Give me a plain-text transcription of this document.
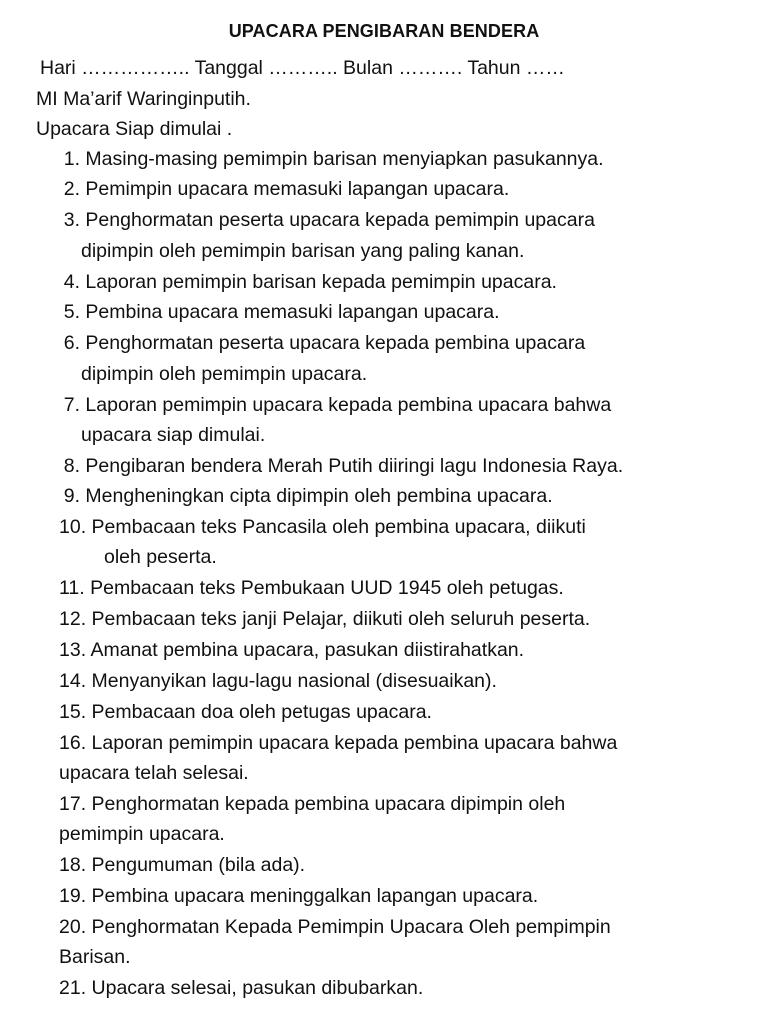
UPACARA PENGIBARAN BENDERA
Hari …………….. Tanggal ……….. Bulan ………. Tahun ……
MI Ma’arif Waringinputih.
Upacara Siap dimulai .
1. Masing-masing pemimpin barisan menyiapkan pasukannya.
2. Pemimpin upacara memasuki lapangan upacara.
3. Penghormatan peserta upacara kepada pemimpin upacara
dipimpin oleh pemimpin barisan yang paling kanan.
4. Laporan pemimpin barisan kepada pemimpin upacara.
5. Pembina upacara memasuki lapangan upacara.
6. Penghormatan peserta upacara kepada pembina upacara
dipimpin oleh pemimpin upacara.
7. Laporan pemimpin upacara kepada pembina upacara bahwa
upacara siap dimulai.
8. Pengibaran bendera Merah Putih diiringi lagu Indonesia Raya.
9. Mengheningkan cipta dipimpin oleh pembina upacara.
10. Pembacaan teks Pancasila oleh pembina upacara, diikuti
oleh peserta.
11. Pembacaan teks Pembukaan UUD 1945 oleh petugas.
12. Pembacaan teks janji Pelajar, diikuti oleh seluruh peserta.
13. Amanat pembina upacara, pasukan diistirahatkan.
14. Menyanyikan lagu-lagu nasional (disesuaikan).
15. Pembacaan doa oleh petugas upacara.
16. Laporan pemimpin upacara kepada pembina upacara bahwa
upacara telah selesai.
17. Penghormatan kepada pembina upacara dipimpin oleh
pemimpin upacara.
18. Pengumuman (bila ada).
19. Pembina upacara meninggalkan lapangan upacara.
20. Penghormatan Kepada Pemimpin Upacara Oleh pempimpin
Barisan.
21. Upacara selesai, pasukan dibubarkan.
